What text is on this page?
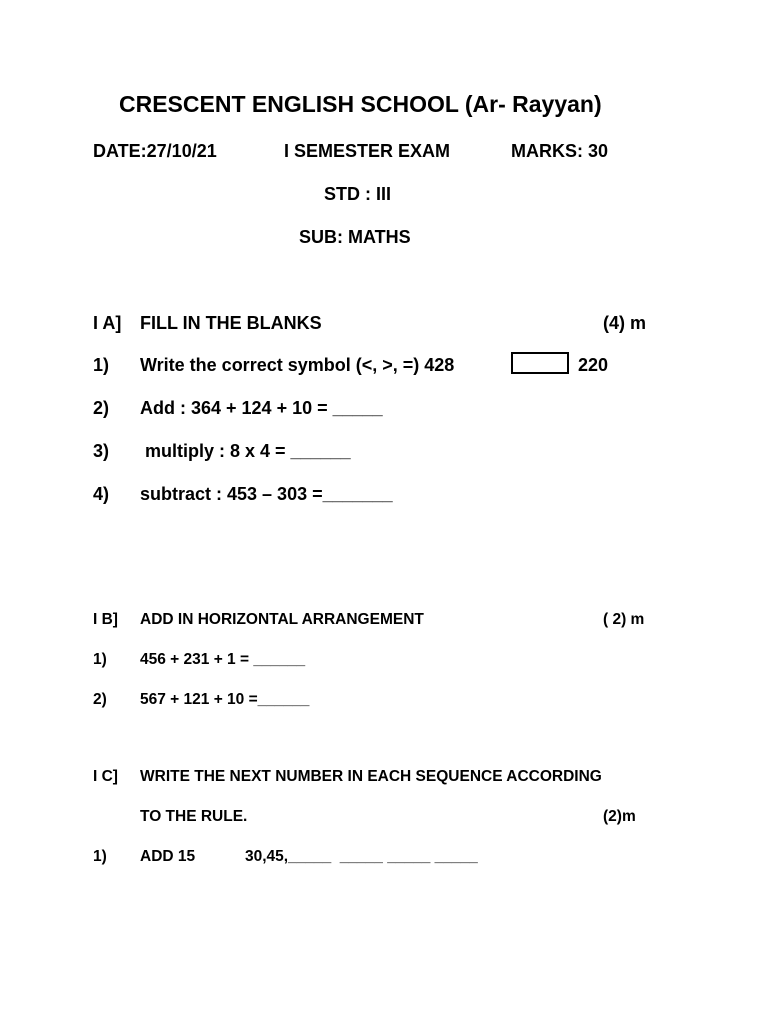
CRESCENT ENGLISH SCHOOL (Ar- Rayyan)
DATE:27/10/21	I SEMESTER EXAM	MARKS: 30
STD : III
SUB: MATHS
I A] FILL IN THE BLANKS	(4) m
1) Write the correct symbol (<, >, =) 428	220
2) Add : 364 + 124 + 10 = _____
3) multiply : 8 x 4 = ______
4) subtract : 453 – 303 =_______
I B] ADD IN HORIZONTAL ARRANGEMENT	( 2) m
1) 456 + 231 + 1 = ______
2) 567 + 121 + 10 =______
I C] WRITE THE NEXT NUMBER IN EACH SEQUENCE ACCORDING
TO THE RULE.	(2)m
1) ADD 15	30,45,_____  _____ _____ _____
